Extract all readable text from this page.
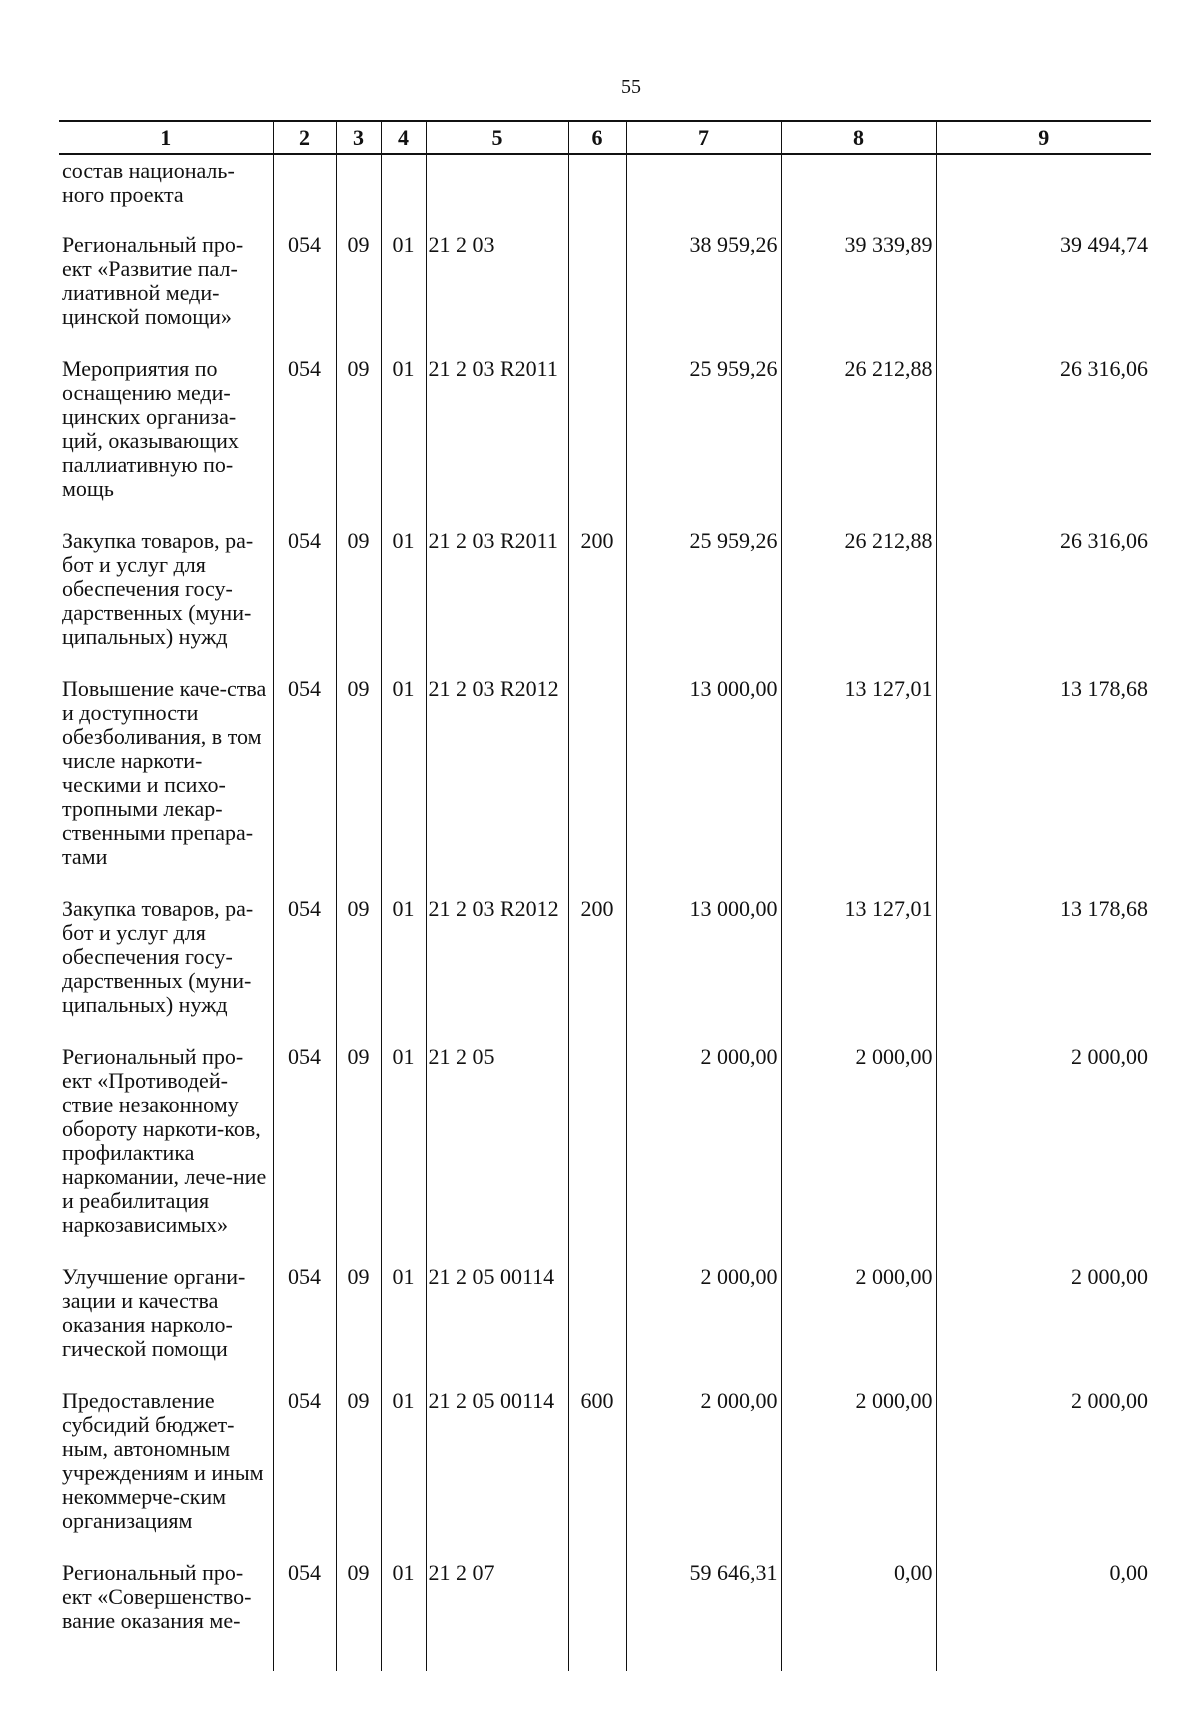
55
1	2	3	4	5	6	7	8	9
состав националь-ного проекта								
Региональный про-ект «Развитие пал-лиативной меди-цинской помощи»	054	09	01	21 2 03		38 959,26	39 339,89	39 494,74
Мероприятия по оснащению меди-цинских организа-ций, оказывающих паллиативную по-мощь	054	09	01	21 2 03 R2011		25 959,26	26 212,88	26 316,06
Закупка товаров, ра-бот и услуг для обеспечения госу-дарственных (муни-ципальных) нужд	054	09	01	21 2 03 R2011	200	25 959,26	26 212,88	26 316,06
Повышение каче-ства и доступности обезболивания, в том числе наркоти-ческими и психо-тропными лекар-ственными препара-тами	054	09	01	21 2 03 R2012		13 000,00	13 127,01	13 178,68
Закупка товаров, ра-бот и услуг для обеспечения госу-дарственных (муни-ципальных) нужд	054	09	01	21 2 03 R2012	200	13 000,00	13 127,01	13 178,68
Региональный про-ект «Противодей-ствие незаконному обороту наркоти-ков, профилактика наркомании, лече-ние и реабилитация наркозависимых»	054	09	01	21 2 05		2 000,00	2 000,00	2 000,00
Улучшение органи-зации и качества оказания нарколо-гической помощи	054	09	01	21 2 05 00114		2 000,00	2 000,00	2 000,00
Предоставление субсидий бюджет-ным, автономным учреждениям и иным некоммерче-ским организациям	054	09	01	21 2 05 00114	600	2 000,00	2 000,00	2 000,00
Региональный про-ект «Совершенство-вание оказания ме-	054	09	01	21 2 07		59 646,31	0,00	0,00
